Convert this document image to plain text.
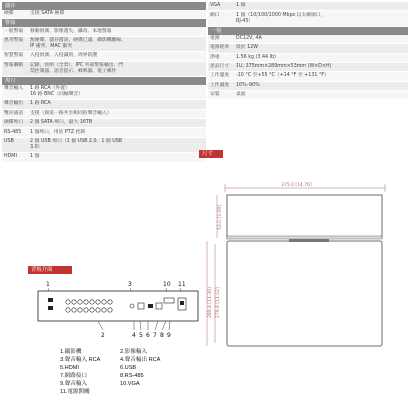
儲存
硬碟	支援 SATA 硬碟
警報
一般警報	移動偵測、影像遺失、攝改、本地警報
異常警報	無硬碟、儲存錯誤、硬碟已滿、擷影機離線、
IP 衝突、MAC 衝突
智慧警報	入侵偵測、入侵識別、周界防護
警報聯動	記錄、快照（全景）、IPC 外部警報輸出、門
禁控制器、語音提示、蜂鳴器、電子郵件
埠口
聲音輸入	1 路 RCA（外置）
16 路 BNC（同軸聲音）
聲音輸出	1 路 RCA
雙向通話	支援（與第一路共享相同的聲音輸入）
硬碟埠口	2 個 SATA 埠口，最大 16TB
RS-485	1 個埠口，用於 PTZ 控制
USB	2 個 USB 埠口（1 個 USB 2.0、1 個 USB
3.0）
HDMI	1 個
VGA	1 個
網口	1 個（10/100/1000 Mbps 以太網端口，
RJ-45）
一般
電源	DC12V, 4A
電源耗率	低於 12W
淨重	1.56 kg (3.44 lb)
產品尺寸	1U, 375mm×289mm×53mm (W×D×H)
工作溫度	-10 °C 至+55 °C（+14 °F 至 +131 °F）
工作濕度	10%–90%
安裝	桌面
尺寸
375.0 [14.76]
53.0 [2.09]
289.4 [11.39] 279.8 [11.02]
背板介面
1	3	10 11
2	4 5 6 7 8 9
1.攝影機	2.影像輸入
3.聲音輸入 RCA	4.聲音輸出 RCA
5.HDMI	6.USB
7.網路接口	8.RS-485
9.聲音輸入	10.VGA
11.電源開關
